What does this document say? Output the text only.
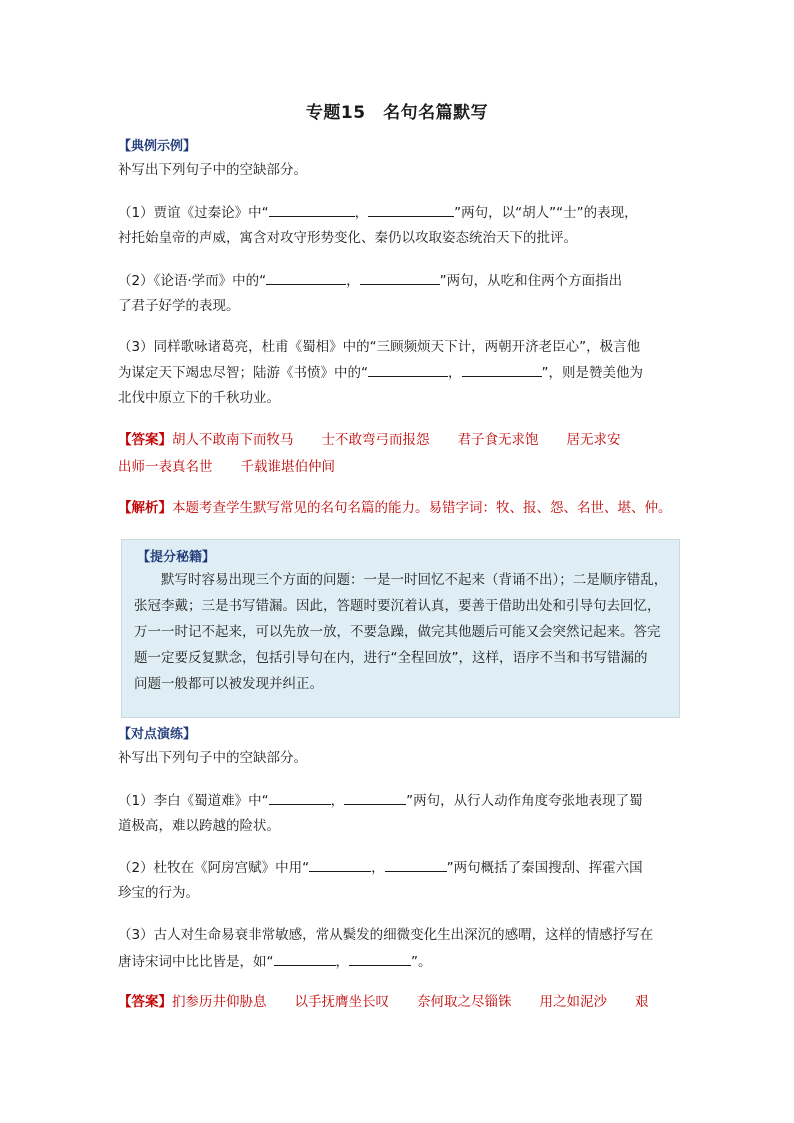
专题15　名句名篇默写
【典例示例】
补写出下列句子中的空缺部分。
（1）贾谊《过秦论》中“	，	”两句，以“胡人”“士”的表现，
衬托始皇帝的声威，寓含对攻守形势变化、秦仍以攻取姿态统治天下的批评。
（2）《论语·学而》中的“	，	”两句，从吃和住两个方面指出
了君子好学的表现。
（3）同样歌咏诸葛亮，杜甫《蜀相》中的“三顾频烦天下计，两朝开济老臣心”，极言他
为谋定天下竭忠尽智；陆游《书愤》中的“	，	”，则是赞美他为
北伐中原立下的千秋功业。
【答案】胡人不敢南下而牧马 士不敢弯弓而报怨 君子食无求饱 居无求安
出师一表真名世 千载谁堪伯仲间
【解析】本题考查学生默写常见的名句名篇的能力。易错字词：牧、报、怨、名世、堪、仲。
【提分秘籍】
　　默写时容易出现三个方面的问题：一是一时回忆不起来（背诵不出）；二是顺序错乱，
张冠李戴；三是书写错漏。因此，答题时要沉着认真，要善于借助出处和引导句去回忆，
万一一时记不起来，可以先放一放，不要急躁，做完其他题后可能又会突然记起来。答完
题一定要反复默念，包括引导句在内，进行“全程回放”，这样，语序不当和书写错漏的
问题一般都可以被发现并纠正。
【对点演练】
补写出下列句子中的空缺部分。
（1）李白《蜀道难》中“	，	”两句，从行人动作角度夸张地表现了蜀
道极高，难以跨越的险状。
（2）杜牧在《阿房宫赋》中用“	，	”两句概括了秦国搜刮、挥霍六国
珍宝的行为。
（3）古人对生命易衰非常敏感，常从鬓发的细微变化生出深沉的感喟，这样的情感抒写在
唐诗宋词中比比皆是，如“	，	”。
【答案】扪参历井仰胁息 以手抚膺坐长叹 奈何取之尽锱铢 用之如泥沙 艰
